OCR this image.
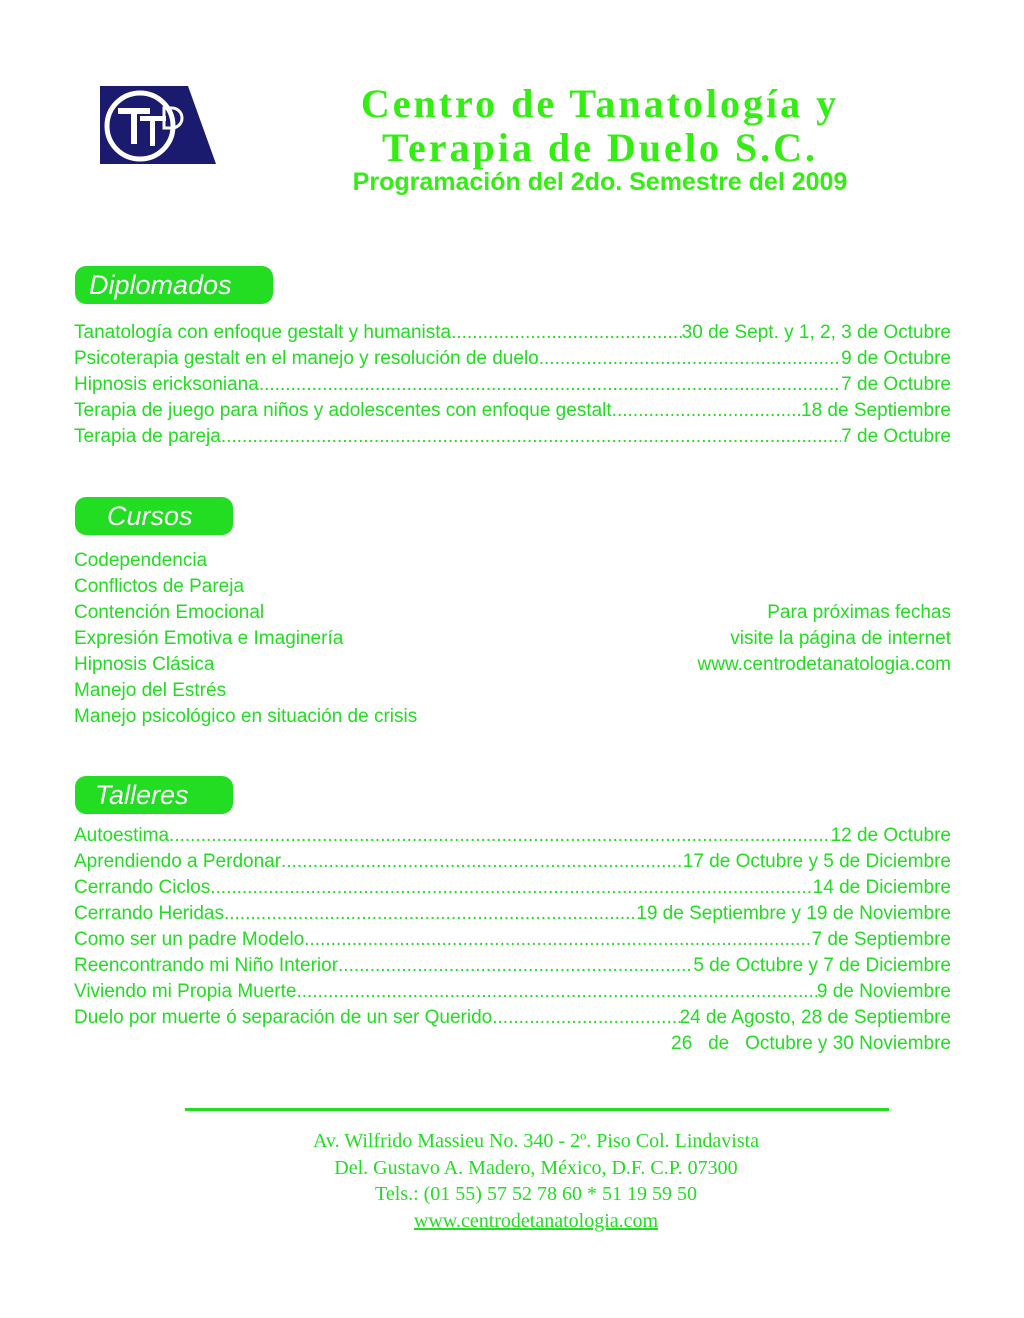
Centro de Tanatología y
Terapia de Duelo S.C.
Programación del 2do. Semestre del 2009
Diplomados
Tanatología con enfoque gestalt y humanista .....	30 de Sept. y 1, 2, 3 de Octubre
Psicoterapia gestalt en el manejo y resolución de duelo .....	9 de Octubre
Hipnosis ericksoniana .....	7 de Octubre
Terapia de juego para niños y adolescentes con enfoque gestalt .....	18 de Septiembre
Terapia de pareja .....	7 de Octubre
Cursos
Codependencia
Conflictos de Pareja
Contención Emocional
Expresión Emotiva e Imaginería
Hipnosis Clásica
Manejo del Estrés
Manejo psicológico en situación de crisis
Para próximas fechas
visite la página de internet
www.centrodetanatologia.com
Talleres
Autoestima .....	12 de Octubre
Aprendiendo a Perdonar .....	17 de Octubre y 5 de Diciembre
Cerrando Ciclos .....	14 de Diciembre
Cerrando Heridas .....	19 de Septiembre y 19 de Noviembre
Como ser un padre Modelo .....	7 de Septiembre
Reencontrando mi Niño Interior .....	5 de Octubre y 7 de Diciembre
Viviendo mi Propia Muerte .....	9 de Noviembre
Duelo por muerte ó separación de un ser Querido .....	24 de Agosto, 28 de Septiembre
26   de   Octubre y 30 Noviembre
Av. Wilfrido Massieu No. 340 - 2º. Piso Col. Lindavista
Del. Gustavo A. Madero, México, D.F. C.P. 07300
Tels.: (01 55) 57 52 78 60 * 51 19 59 50
www.centrodetanatologia.com
